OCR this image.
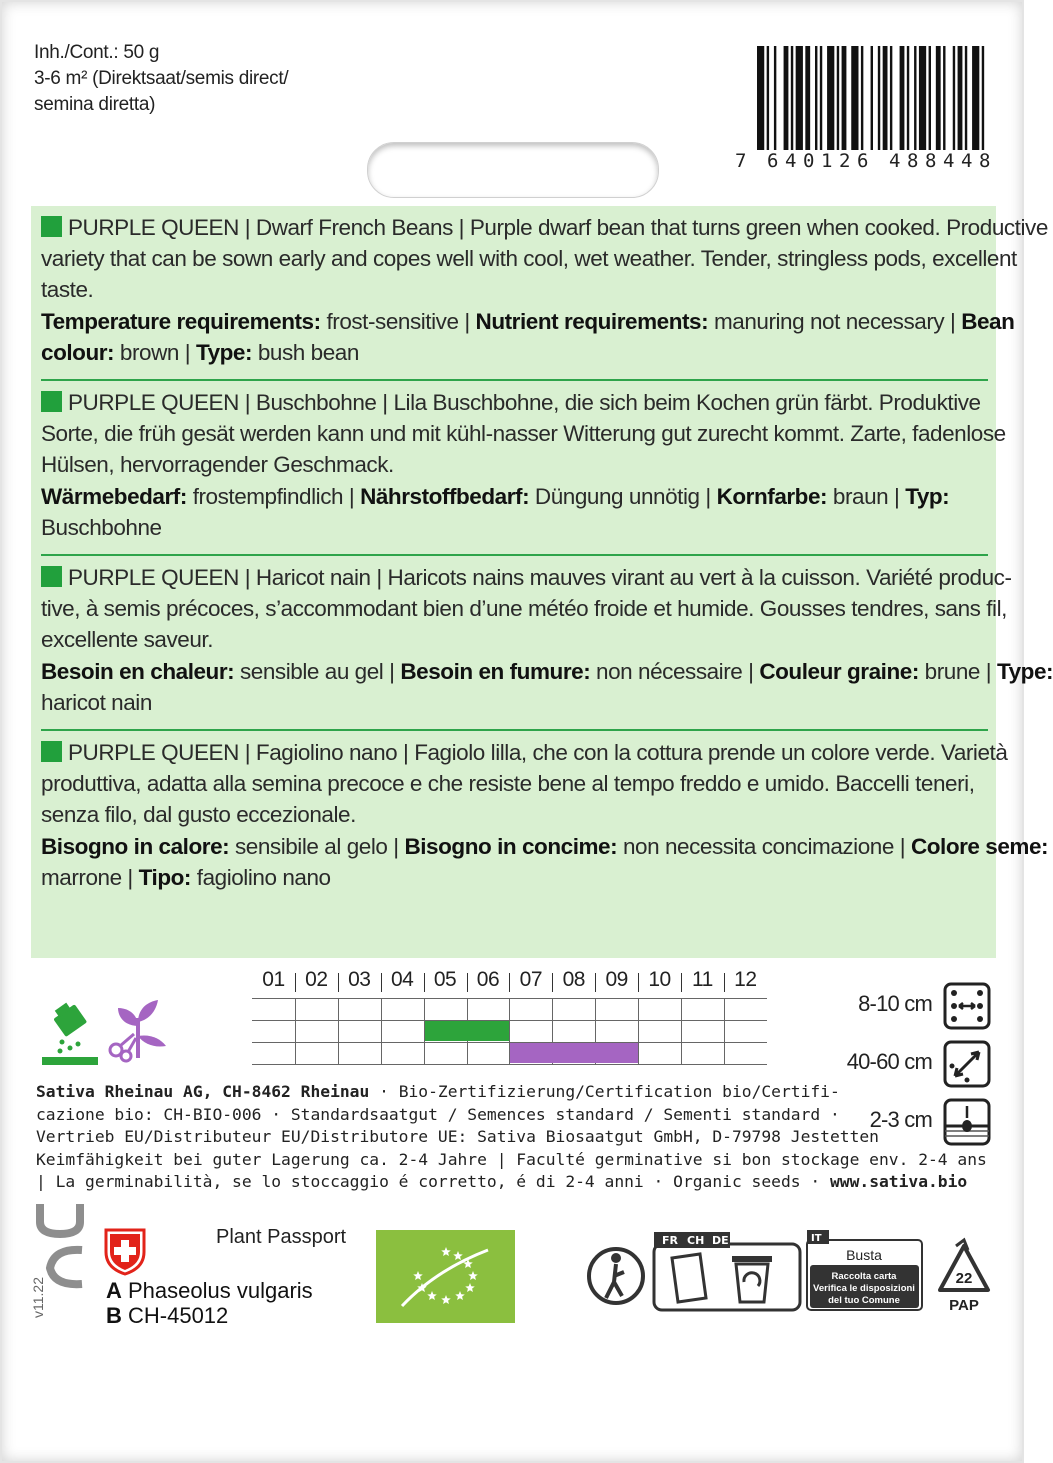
Inh./Cont.: 50 g
3-6 m² (Direktsaat/semis direct/
semina diretta)
7 6 4 0 1 2 6 4 8 8 4 4 8
PURPLE QUEEN | Dwarf French Beans | Purple dwarf bean that turns green when cooked. Productive
variety that can be sown early and copes well with cool, wet weather. Tender, stringless pods, excellent
taste.
Temperature requirements: frost-sensitive | Nutrient requirements: manuring not necessary | Bean
colour: brown | Type: bush bean
PURPLE QUEEN | Buschbohne | Lila Buschbohne, die sich beim Kochen grün färbt. Produktive
Sorte, die früh gesät werden kann und mit kühl-nasser Witterung gut zurecht kommt. Zarte, fadenlose
Hülsen, hervorragender Geschmack.
Wärmebedarf: frostempfindlich | Nährstoffbedarf: Düngung unnötig | Kornfarbe: braun | Typ:
Buschbohne
PURPLE QUEEN | Haricot nain | Haricots nains mauves virant au vert à la cuisson. Variété produc-
tive, à semis précoces, s’accommodant bien d’une météo froide et humide. Gousses tendres, sans fil,
excellente saveur.
Besoin en chaleur: sensible au gel | Besoin en fumure: non nécessaire | Couleur graine: brune | Type:
haricot nain
PURPLE QUEEN | Fagiolino nano | Fagiolo lilla, che con la cottura prende un colore verde. Varietà
produttiva, adatta alla semina precoce e che resiste bene al tempo freddo e umido. Baccelli teneri,
senza filo, dal gusto eccezionale.
Bisogno in calore: sensibile al gelo | Bisogno in concime: non necessita concimazione | Colore seme:
marrone | Tipo: fagiolino nano
01 02 03 04 05 06 07 08 09 10	11	12
8-10 cm
40-60 cm
2-3 cm
Sativa Rheinau AG, CH-8462 Rheinau · Bio-Zertifizierung/Certification bio/Certifi-
cazione bio: CH-BIO-006 · Standardsaatgut / Semences standard / Sementi standard ·
Vertrieb EU/Distributeur EU/Distributore UE: Sativa Biosaatgut GmbH, D-79798 Jestetten
Keimfähigkeit bei guter Lagerung ca. 2-4 Jahre | Faculté germinative si bon stockage env. 2-4 ans
| La germinabilità, se lo stoccaggio é corretto, é di 2-4 anni · Organic seeds · www.sativa.bio
v11.22
Plant Passport
A Phaseolus vulgaris
B CH-45012
FR CH DE	IT
Busta
Raccolta carta
Verifica le disposizioni
del tuo Comune
22
PAP
